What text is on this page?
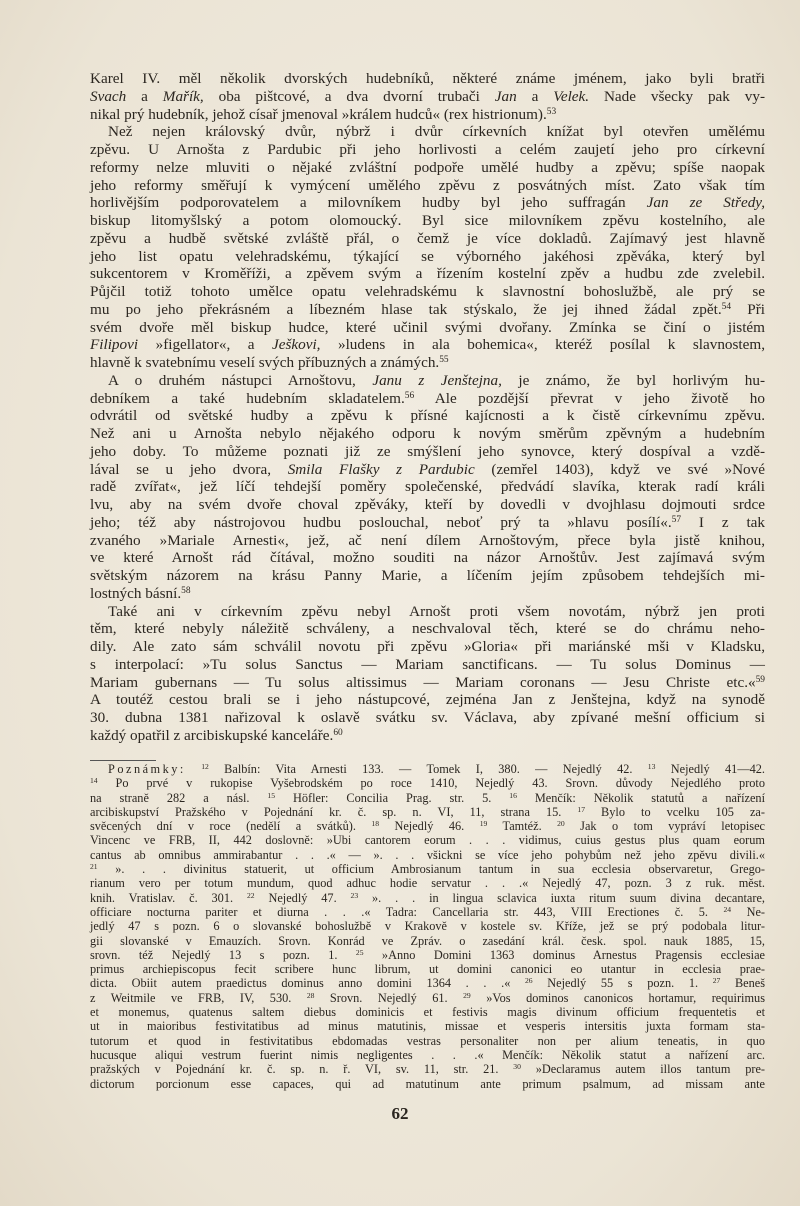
Karel IV. měl několik dvorských hudebníků, některé známe jménem, jako byli bratři
Svach a Mařík, oba pištcové, a dva dvorní trubači Jan a Velek. Nade všecky pak vy-
nikal prý hudebník, jehož císař jmenoval »králem hudců« (rex histrionum).$^{53}$
Než nejen královský dvůr, nýbrž i dvůr církevních knížat byl otevřen umělému
zpěvu. U Arnošta z Pardubic při jeho horlivosti a celém zaujetí jeho pro církevní
reformy nelze mluviti o nějaké zvláštní podpoře umělé hudby a zpěvu; spíše naopak
jeho reformy směřují k vymýcení umělého zpěvu z posvátných míst. Zato však tím
horlivějším podporovatelem a milovníkem hudby byl jeho suffragán Jan ze Středy,
biskup litomyšlský a potom olomoucký. Byl sice milovníkem zpěvu kostelního, ale
zpěvu a hudbě světské zvláště přál, o čemž je více dokladů. Zajímavý jest hlavně
jeho list opatu velehradskému, týkající se výborného jakéhosi zpěváka, který byl
sukcentorem v Kroměříži, a zpěvem svým a řízením kostelní zpěv a hudbu zde zvelebil.
Půjčil totiž tohoto umělce opatu velehradskému k slavnostní bohoslužbě, ale prý se
mu po jeho překrásném a líbezném hlase tak stýskalo, že jej ihned žádal zpět.$^{54}$ Při
svém dvoře měl biskup hudce, které učinil svými dvořany. Zmínka se činí o jistém
Filipovi »figellator«, a Ješkovi, »ludens in ala bohemica«, kteréž posílal k slavnostem,
hlavně k svatebnímu veselí svých příbuzných a známých.$^{55}$
A o druhém nástupci Arnoštovu, Janu z Jenštejna, je známo, že byl horlivým hu-
debníkem a také hudebním skladatelem.$^{56}$ Ale pozdější převrat v jeho životě ho
odvrátil od světské hudby a zpěvu k přísné kajícnosti a k čistě církevnímu zpěvu.
Než ani u Arnošta nebylo nějakého odporu k novým směrům zpěvným a hudebním
jeho doby. To můžeme poznati již ze smýšlení jeho synovce, který dospíval a vzdě-
lával se u jeho dvora, Smila Flašky z Pardubic (zemřel 1403), když ve své »Nové
radě zvířat«, jež líčí tehdejší poměry společenské, předvádí slavíka, kterak radí králi
lvu, aby na svém dvoře choval zpěváky, kteří by dovedli v dvojhlasu dojmouti srdce
jeho; též aby nástrojovou hudbu poslouchal, neboť prý ta »hlavu posílí«.$^{57}$ I z tak
zvaného »Mariale Arnesti«, jež, ač není dílem Arnoštovým, přece byla jistě knihou,
ve které Arnošt rád čítával, možno souditi na názor Arnoštův. Jest zajímavá svým
světským názorem na krásu Panny Marie, a líčením jejím způsobem tehdejších mi-
lostných básní.$^{58}$
Také ani v církevním zpěvu nebyl Arnošt proti všem novotám, nýbrž jen proti
těm, které nebyly náležitě schváleny, a neschvaloval těch, které se do chrámu neho-
dily. Ale zato sám schválil novotu při zpěvu »Gloria« při mariánské mši v Kladsku,
s interpolací: »Tu solus Sanctus — Mariam sanctificans. — Tu solus Dominus —
Mariam gubernans — Tu solus altissimus — Mariam coronans — Jesu Christe etc.«$^{59}$
A toutéž cestou brali se i jeho nástupcové, zejména Jan z Jenštejna, když na synodě
30. dubna 1381 nařizoval k oslavě svátku sv. Václava, aby zpívané mešní officium si
každý opatřil z arcibiskupské kanceláře.$^{60}$
Poznámky: $^{12}$ Balbín: Vita Arnesti 133. — Tomek I, 380. — Nejedlý 42. $^{13}$ Nejedlý 41—42.
$^{14}$ Po prvé v rukopise Vyšebrodském po roce 1410, Nejedlý 43. Srovn. důvody Nejedlého proto
na straně 282 a násl. $^{15}$ Höfler: Concilia Prag. str. 5. $^{16}$ Menčík: Několik statutů a nařízení
arcibiskupství Pražského v Pojednání kr. č. sp. n. VI, 11, strana 15. $^{17}$ Bylo to vcelku 105 za-
svěcených dní v roce (nedělí a svátků). $^{18}$ Nejedlý 46. $^{19}$ Tamtéž. $^{20}$ Jak o tom vypráví letopisec
Vincenc ve FRB, II, 442 doslovně: »Ubi cantorem eorum . . . vidimus, cuius gestus plus quam eorum
cantus ab omnibus ammirabantur . . .« — ». . . všickni se více jeho pohybům než jeho zpěvu divili.«
$^{21}$ ». . . divinitus statuerit, ut officium Ambrosianum tantum in sua ecclesia observaretur, Grego-
rianum vero per totum mundum, quod adhuc hodie servatur . . .« Nejedlý 47, pozn. 3 z ruk. měst.
knih. Vratislav. č. 301. $^{22}$ Nejedlý 47. $^{23}$ ». . . in lingua sclavica iuxta ritum suum divina decantare,
officiare nocturna pariter et diurna . . .« Tadra: Cancellaria str. 443, VIII Erectiones č. 5. $^{24}$ Ne-
jedlý 47 s pozn. 6 o slovanské bohoslužbě v Krakově v kostele sv. Kříže, jež se prý podobala litur-
gii slovanské v Emauzích. Srovn. Konrád ve Zpráv. o zasedání král. česk. spol. nauk 1885, 15,
srovn. též Nejedlý 13 s pozn. 1. $^{25}$ »Anno Domini 1363 dominus Arnestus Pragensis ecclesiae
primus archiepiscopus fecit scribere hunc librum, ut domini canonici eo utantur in ecclesia prae-
dicta. Obiit autem praedictus dominus anno domini 1364 . . .« $^{26}$ Nejedlý 55 s pozn. 1. $^{27}$ Beneš
z Weitmile ve FRB, IV, 530. $^{28}$ Srovn. Nejedlý 61. $^{29}$ »Vos dominos canonicos hortamur, requirimus
et monemus, quatenus saltem diebus dominicis et festivis magis divinum officium frequentetis et
ut in maioribus festivitatibus ad minus matutinis, missae et vesperis intersitis juxta formam sta-
tutorum et quod in festivitatibus ebdomadas vestras personaliter non per alium teneatis, in quo
hucusque aliqui vestrum fuerint nimis negligentes . . .« Menčík: Několik statut a nařízení arc.
pražských v Pojednání kr. č. sp. n. ř. VI, sv. 11, str. 21. $^{30}$ »Declaramus autem illos tantum pre-
dictorum porcionum esse capaces, qui ad matutinum ante primum psalmum, ad missam ante
62
